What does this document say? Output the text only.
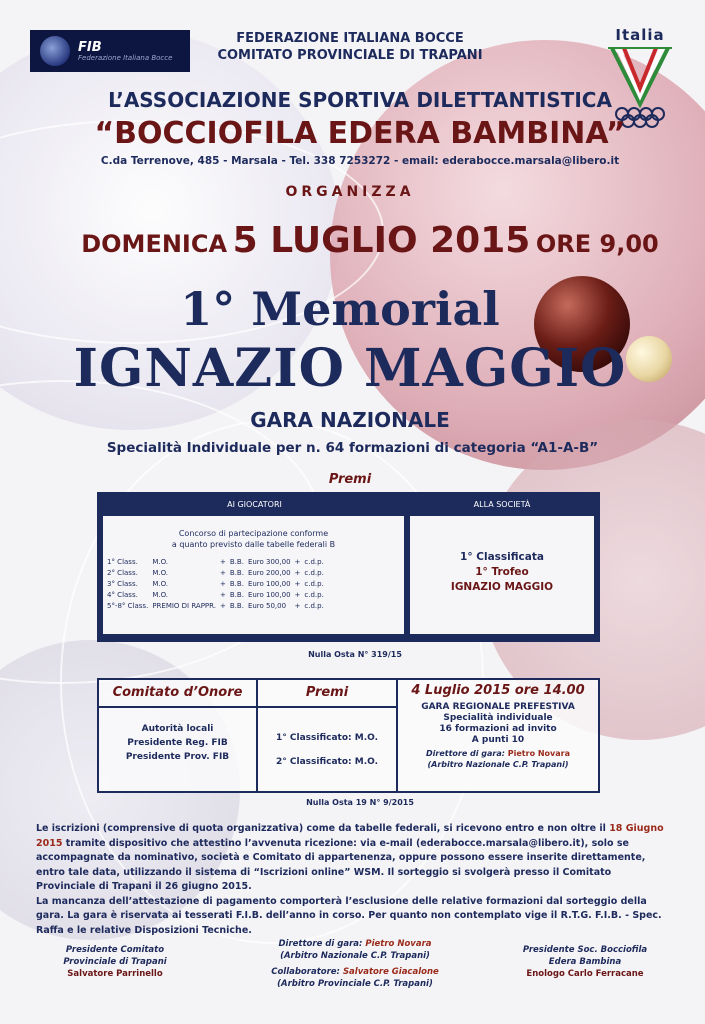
FIB
Federazione Italiana Bocce
Italia
FEDERAZIONE ITALIANA BOCCE
COMITATO PROVINCIALE DI TRAPANI
L’ASSOCIAZIONE SPORTIVA DILETTANTISTICA
“BOCCIOFILA EDERA BAMBINA”
C.da Terrenove, 485 - Marsala - Tel. 338 7253272 - email: ederabocce.marsala@libero.it
ORGANIZZA
DOMENICA 5 LUGLIO 2015 ORE 9,00
1° Memorial
IGNAZIO MAGGIO
GARA NAZIONALE
Specialità Individuale per n. 64 formazioni di categoria “A1-A-B”
Premi
AI GIOCATORI	ALLA SOCIETÀ
Concorso di partecipazione conforme
a quanto previsto dalle tabelle federali B
1° Class.	M.O.	+	B.B.	Euro 300,00	+	c.d.p.
2° Class.	M.O.	+	B.B.	Euro 200,00	+	c.d.p.
3° Class.	M.O.	+	B.B.	Euro 100,00	+	c.d.p.
4° Class.	M.O.	+	B.B.	Euro 100,00	+	c.d.p.
5°-8° Class.	PREMIO DI RAPPR.	+	B.B.	Euro 50,00	+	c.d.p.
1° Classificata
1° Trofeo
IGNAZIO MAGGIO
Nulla Osta N° 319/15
Comitato d’Onore
Autorità locali
Presidente Reg. FIB
Presidente Prov. FIB
Premi
1° Classificato: M.O.
2° Classificato: M.O.
4 Luglio 2015 ore 14.00
GARA REGIONALE PREFESTIVA
Specialità individuale
16 formazioni ad invito
A punti 10
Direttore di gara: Pietro Novara
(Arbitro Nazionale C.P. Trapani)
Nulla Osta 19 N° 9/2015
Le iscrizioni (comprensive di quota organizzativa) come da tabelle federali, si ricevono entro e non oltre il 18 Giugno 2015 tramite dispositivo che attestino l’avvenuta ricezione: via e-mail (ederabocce.marsala@libero.it), solo se accompagnate da nominativo, società e Comitato di appartenenza, oppure possono essere inserite direttamente, entro tale data, utilizzando il sistema di “Iscrizioni online” WSM. Il sorteggio si svolgerà presso il Comitato Provinciale di Trapani il 26 giugno 2015.
La mancanza dell’attestazione di pagamento comporterà l’esclusione delle relative formazioni dal sorteggio della gara. La gara è riservata ai tesserati F.I.B. dell’anno in corso. Per quanto non contemplato vige il R.T.G. F.I.B. - Spec. Raffa e le relative Disposizioni Tecniche.
Presidente Comitato
Provinciale di Trapani
Salvatore Parrinello
Direttore di gara: Pietro Novara
(Arbitro Nazionale C.P. Trapani)
Collaboratore: Salvatore Giacalone
(Arbitro Provinciale C.P. Trapani)
Presidente Soc. Bocciofila
Edera Bambina
Enologo Carlo Ferracane
